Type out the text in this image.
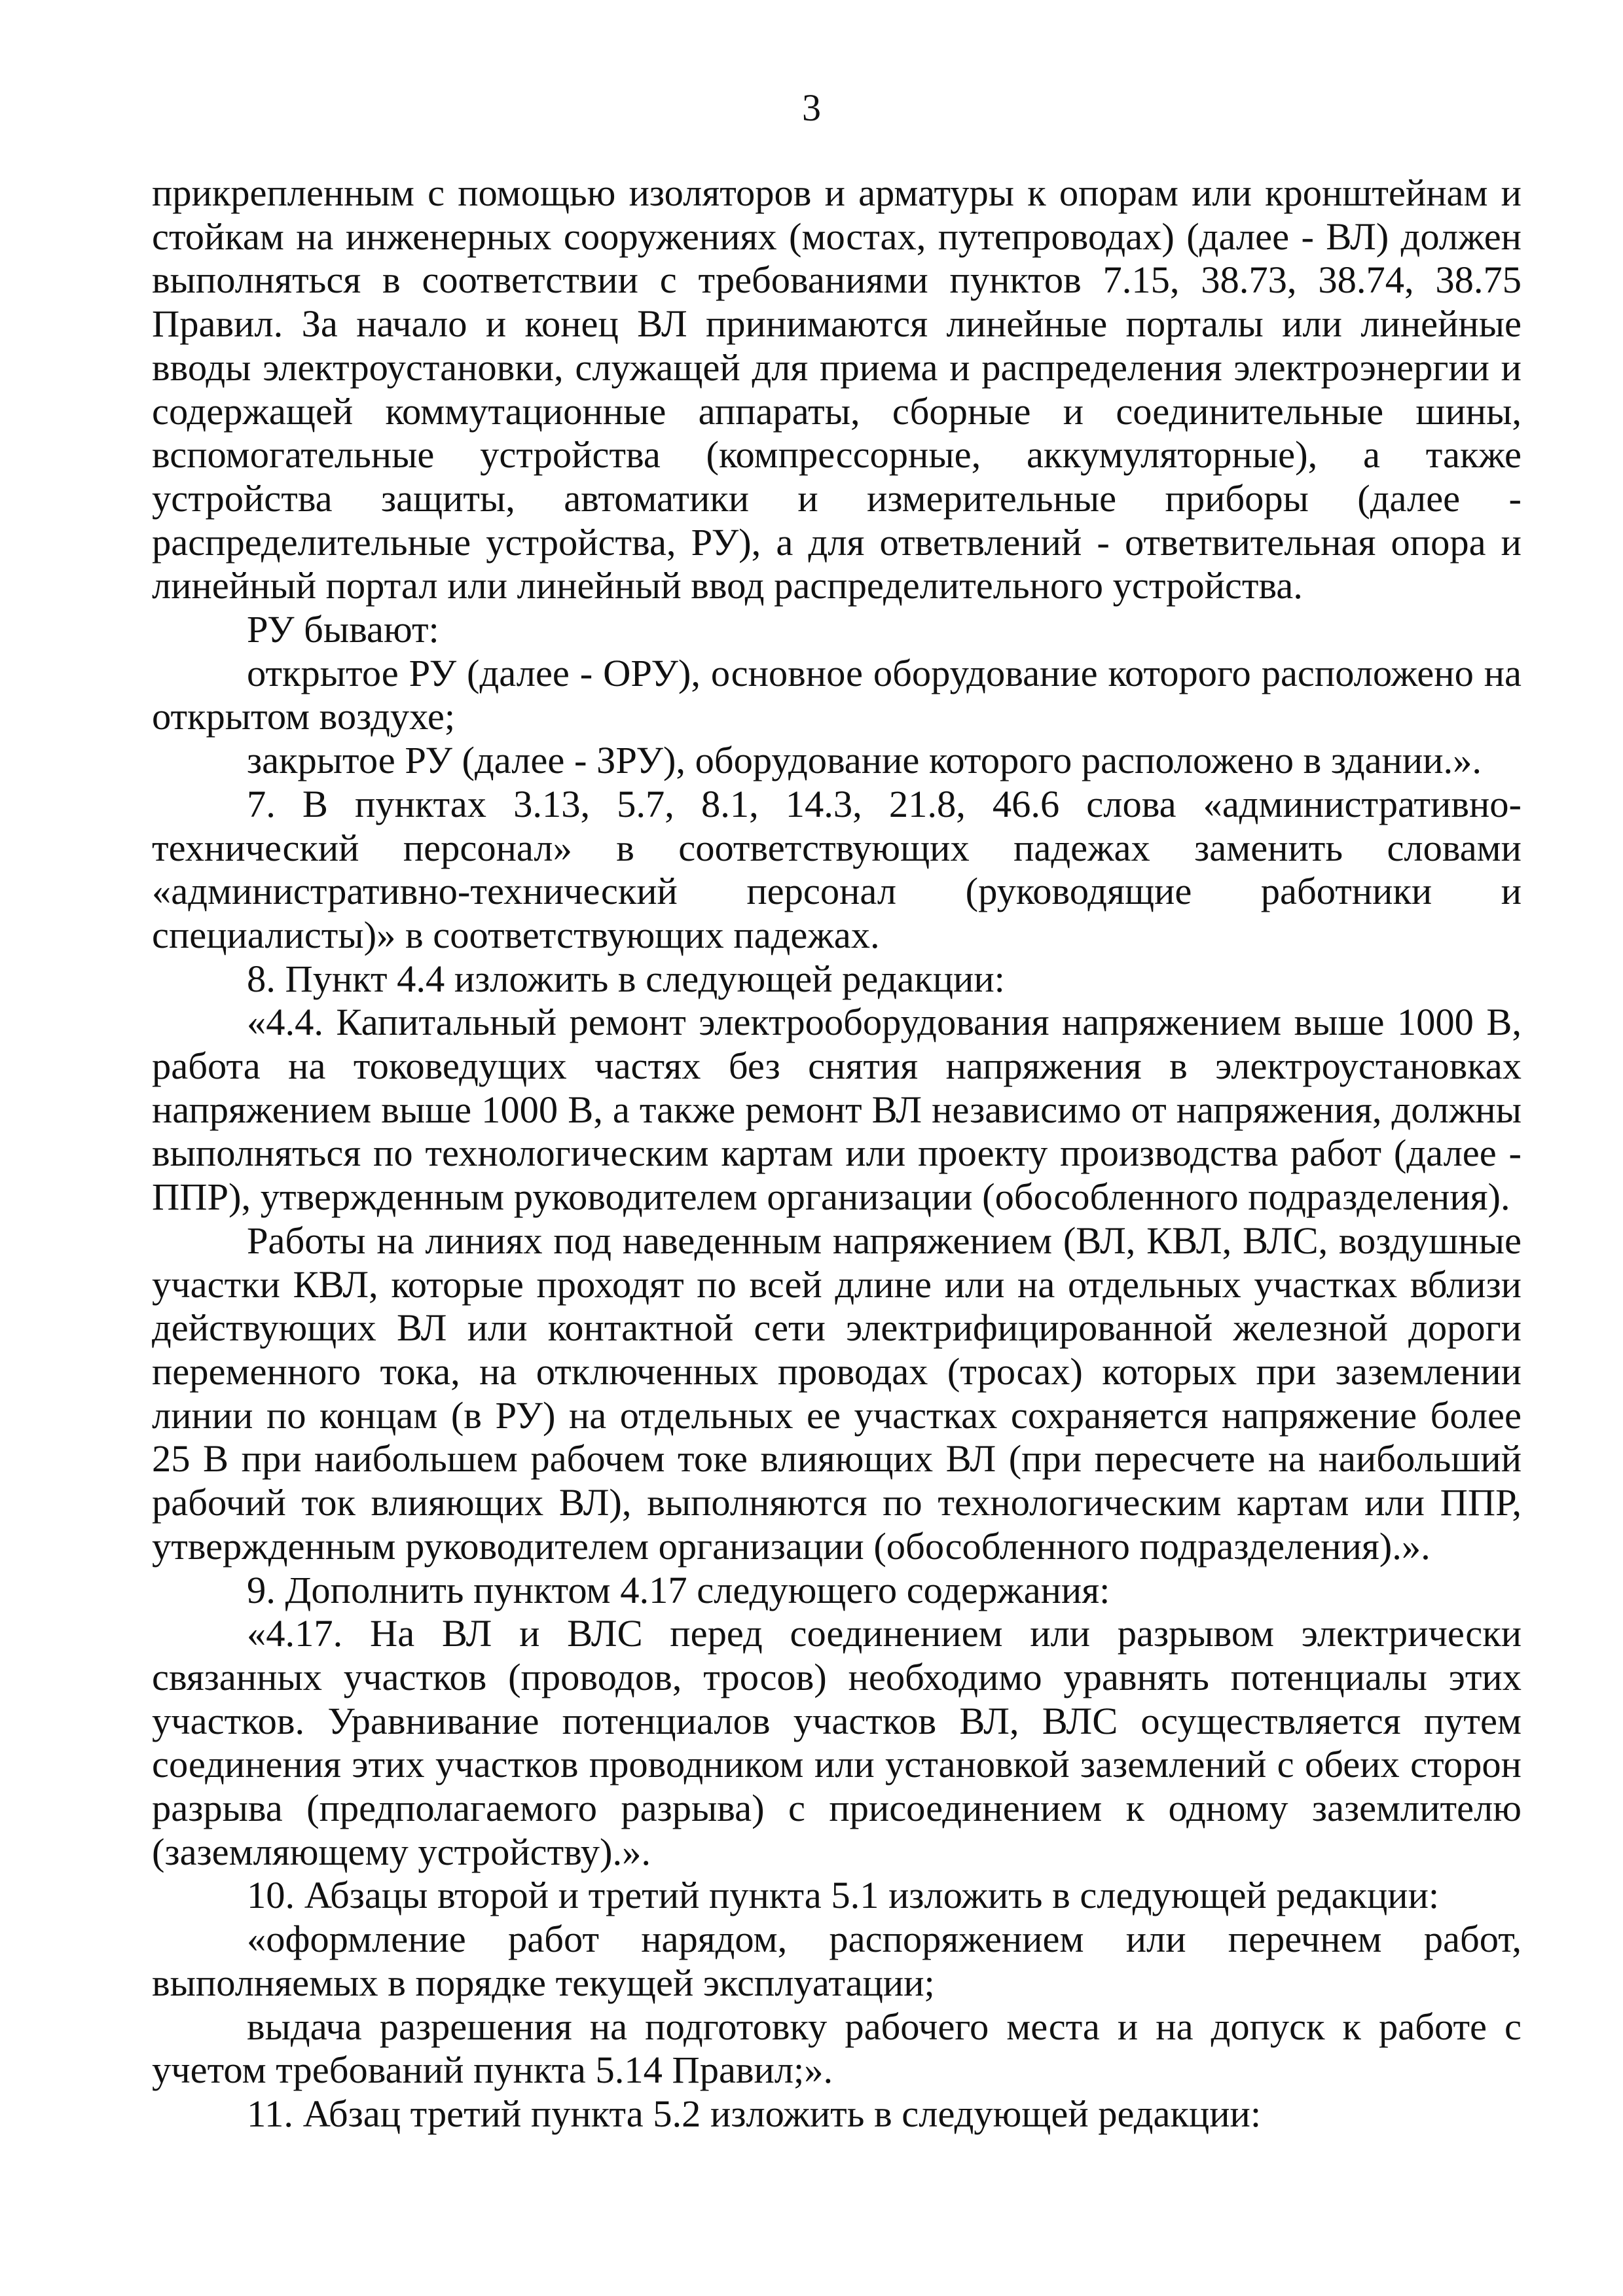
3

прикрепленным с помощью изоляторов и арматуры к опорам или кронштейнам и стойкам на инженерных сооружениях (мостах, путепроводах) (далее - ВЛ) должен выполняться в соответствии с требованиями пунктов 7.15, 38.73, 38.74, 38.75 Правил. За начало и конец ВЛ принимаются линейные порталы или линейные вводы электроустановки, служащей для приема и распределения электроэнергии и содержащей коммутационные аппараты, сборные и соединительные шины, вспомогательные устройства (компрессорные, аккумуляторные), а также устройства защиты, автоматики и измерительные приборы (далее - распределительные устройства, РУ), а для ответвлений - ответвительная опора и линейный портал или линейный ввод распределительного устройства.

РУ бывают:

открытое РУ (далее - ОРУ), основное оборудование которого расположено на открытом воздухе;

закрытое РУ (далее - ЗРУ), оборудование которого расположено в здании.».

7. В пунктах 3.13, 5.7, 8.1, 14.3, 21.8, 46.6 слова «административно-технический персонал» в соответствующих падежах заменить словами «административно-технический персонал (руководящие работники и специалисты)» в соответствующих падежах.

8. Пункт 4.4 изложить в следующей редакции:

«4.4. Капитальный ремонт электрооборудования напряжением выше 1000 В, работа на токоведущих частях без снятия напряжения в электроустановках напряжением выше 1000 В, а также ремонт ВЛ независимо от напряжения, должны выполняться по технологическим картам или проекту производства работ (далее - ППР), утвержденным руководителем организации (обособленного подразделения).

Работы на линиях под наведенным напряжением (ВЛ, КВЛ, ВЛС, воздушные участки КВЛ, которые проходят по всей длине или на отдельных участках вблизи действующих ВЛ или контактной сети электрифицированной железной дороги переменного тока, на отключенных проводах (тросах) которых при заземлении линии по концам (в РУ) на отдельных ее участках сохраняется напряжение более 25 В при наибольшем рабочем токе влияющих ВЛ (при пересчете на наибольший рабочий ток влияющих ВЛ), выполняются по технологическим картам или ППР, утвержденным руководителем организации (обособленного подразделения).».

9. Дополнить пунктом 4.17 следующего содержания:

«4.17. На ВЛ и ВЛС перед соединением или разрывом электрически связанных участков (проводов, тросов) необходимо уравнять потенциалы этих участков. Уравнивание потенциалов участков ВЛ, ВЛС осуществляется путем соединения этих участков проводником или установкой заземлений с обеих сторон разрыва (предполагаемого разрыва) с присоединением к одному заземлителю (заземляющему устройству).».

10. Абзацы второй и третий пункта 5.1 изложить в следующей редакции:

«оформление работ нарядом, распоряжением или перечнем работ, выполняемых в порядке текущей эксплуатации;

выдача разрешения на подготовку рабочего места и на допуск к работе с учетом требований пункта 5.14 Правил;».

11. Абзац третий пункта 5.2 изложить в следующей редакции:
